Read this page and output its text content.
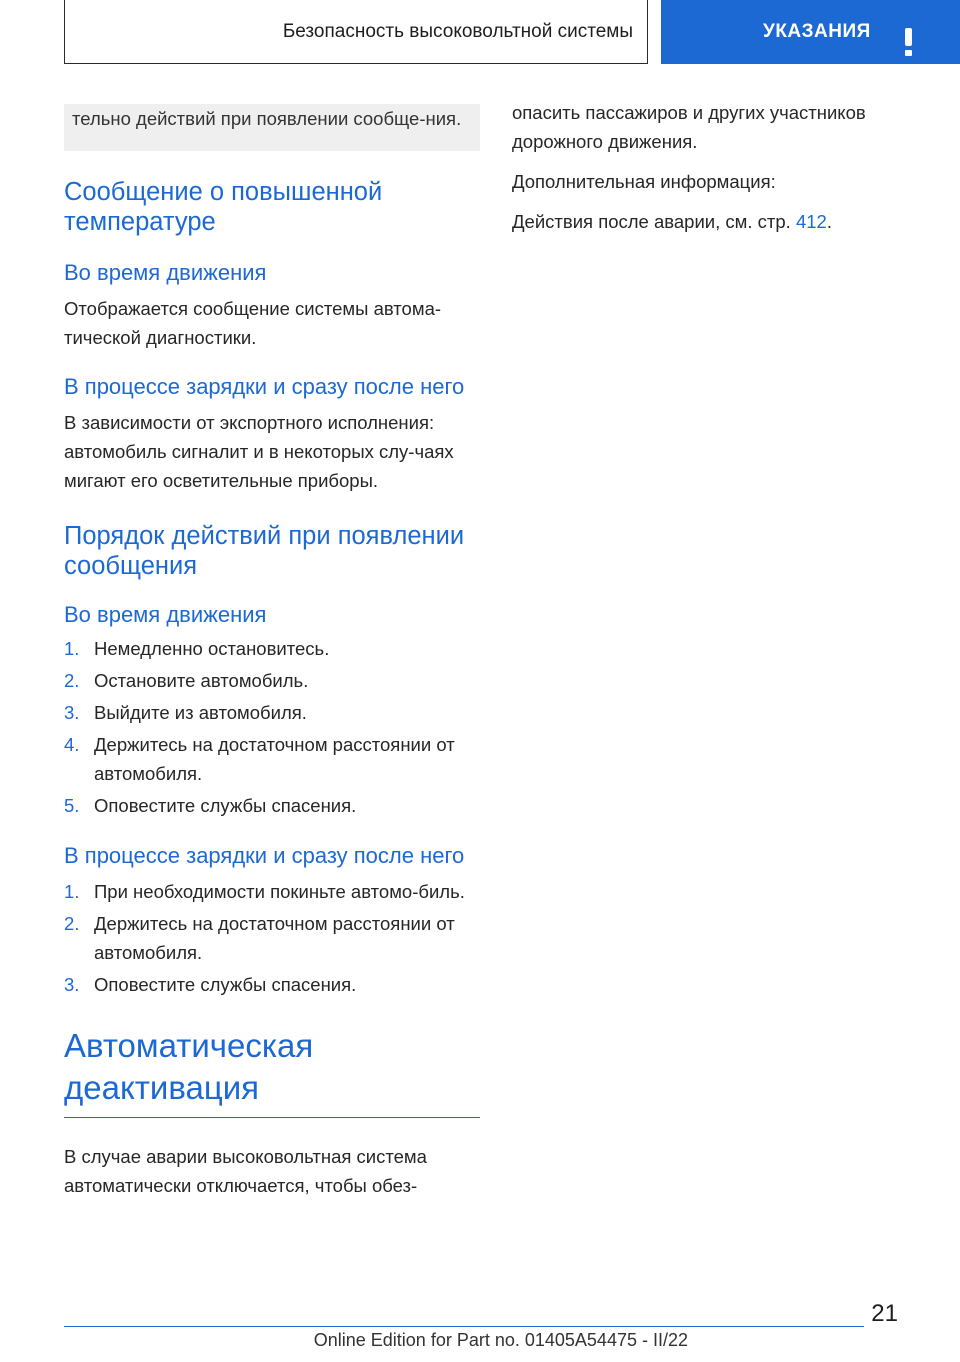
Безопасность высоковольтной системы	УКАЗАНИЯ
тельно действий при появлении сообще-ния.
Сообщение о повышенной температуре
Во время движения
Отображается сообщение системы автома-тической диагностики.
В процессе зарядки и сразу после него
В зависимости от экспортного исполнения: автомобиль сигналит и в некоторых слу-чаях мигают его осветительные приборы.
Порядок действий при появлении сообщения
Во время движения
1. Немедленно остановитесь.
2. Остановите автомобиль.
3. Выйдите из автомобиля.
4. Держитесь на достаточном расстоянии от автомобиля.
5. Оповестите службы спасения.
В процессе зарядки и сразу после него
1. При необходимости покиньте автомо-биль.
2. Держитесь на достаточном расстоянии от автомобиля.
3. Оповестите службы спасения.
Автоматическая деактивация
В случае аварии высоковольтная система автоматически отключается, чтобы обез-
опасить пассажиров и других участников дорожного движения.
Дополнительная информация:
Действия после аварии, см. стр. 412.
21
Online Edition for Part no. 01405A54475 - II/22
